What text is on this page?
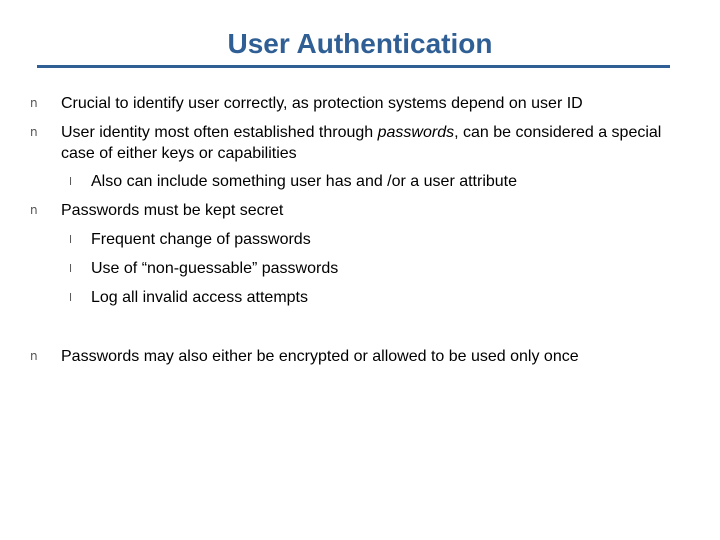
User Authentication
n Crucial to identify user correctly, as protection systems depend on user ID
n User identity most often established through passwords, can be considered a special case of either keys or capabilities
l Also can include something user has and /or a user attribute
n Passwords must be kept secret
l Frequent change of passwords
l Use of “non-guessable” passwords
l Log all invalid access attempts
n Passwords may also either be encrypted or allowed to be used only once
